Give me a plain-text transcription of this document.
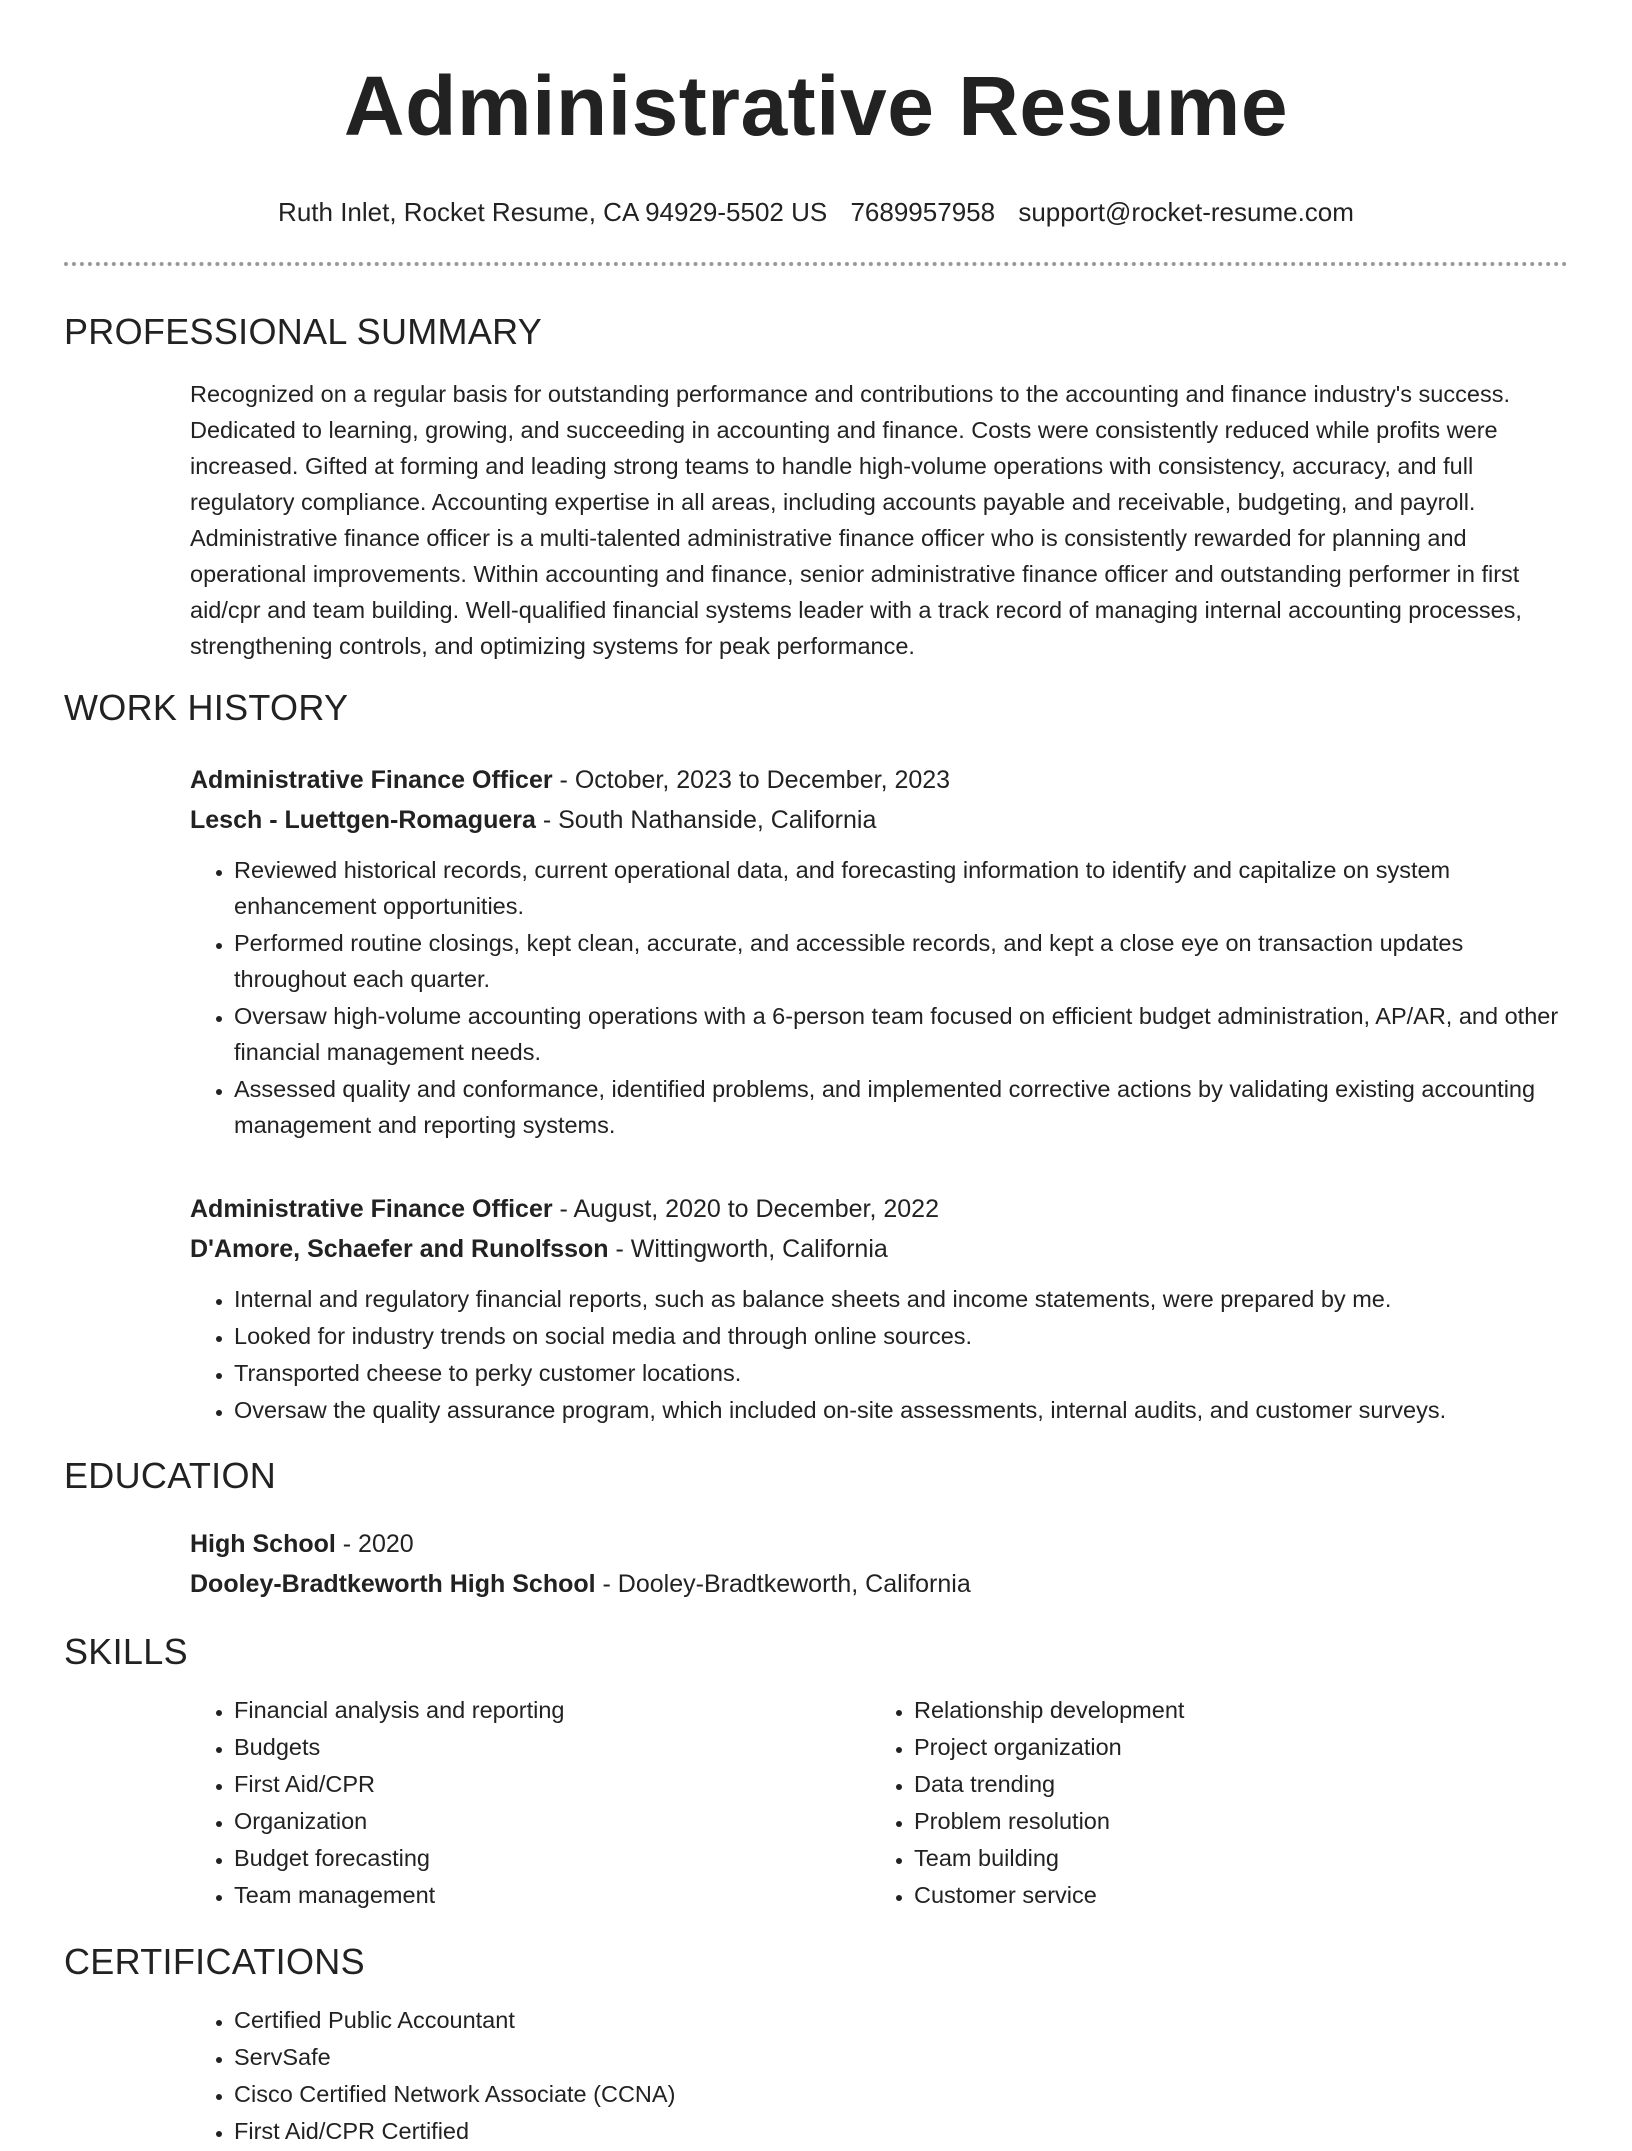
Administrative Resume
Ruth Inlet, Rocket Resume, CA 94929-5502 US 7689957958 support@rocket-resume.com
PROFESSIONAL SUMMARY
Recognized on a regular basis for outstanding performance and contributions to the accounting and finance industry's success. Dedicated to learning, growing, and succeeding in accounting and finance. Costs were consistently reduced while profits were increased. Gifted at forming and leading strong teams to handle high-volume operations with consistency, accuracy, and full regulatory compliance. Accounting expertise in all areas, including accounts payable and receivable, budgeting, and payroll. Administrative finance officer is a multi-talented administrative finance officer who is consistently rewarded for planning and operational improvements. Within accounting and finance, senior administrative finance officer and outstanding performer in first aid/cpr and team building. Well-qualified financial systems leader with a track record of managing internal accounting processes, strengthening controls, and optimizing systems for peak performance.
WORK HISTORY
Administrative Finance Officer - October, 2023 to December, 2023
Lesch - Luettgen-Romaguera - South Nathanside, California
• Reviewed historical records, current operational data, and forecasting information to identify and capitalize on system enhancement opportunities.
• Performed routine closings, kept clean, accurate, and accessible records, and kept a close eye on transaction updates throughout each quarter.
• Oversaw high-volume accounting operations with a 6-person team focused on efficient budget administration, AP/AR, and other financial management needs.
• Assessed quality and conformance, identified problems, and implemented corrective actions by validating existing accounting management and reporting systems.
Administrative Finance Officer - August, 2020 to December, 2022
D'Amore, Schaefer and Runolfsson - Wittingworth, California
• Internal and regulatory financial reports, such as balance sheets and income statements, were prepared by me.
• Looked for industry trends on social media and through online sources.
• Transported cheese to perky customer locations.
• Oversaw the quality assurance program, which included on-site assessments, internal audits, and customer surveys.
EDUCATION
High School - 2020
Dooley-Bradtkeworth High School - Dooley-Bradtkeworth, California
SKILLS
• Financial analysis and reporting
• Budgets
• First Aid/CPR
• Organization
• Budget forecasting
• Team management
• Relationship development
• Project organization
• Data trending
• Problem resolution
• Team building
• Customer service
CERTIFICATIONS
• Certified Public Accountant
• ServSafe
• Cisco Certified Network Associate (CCNA)
• First Aid/CPR Certified
